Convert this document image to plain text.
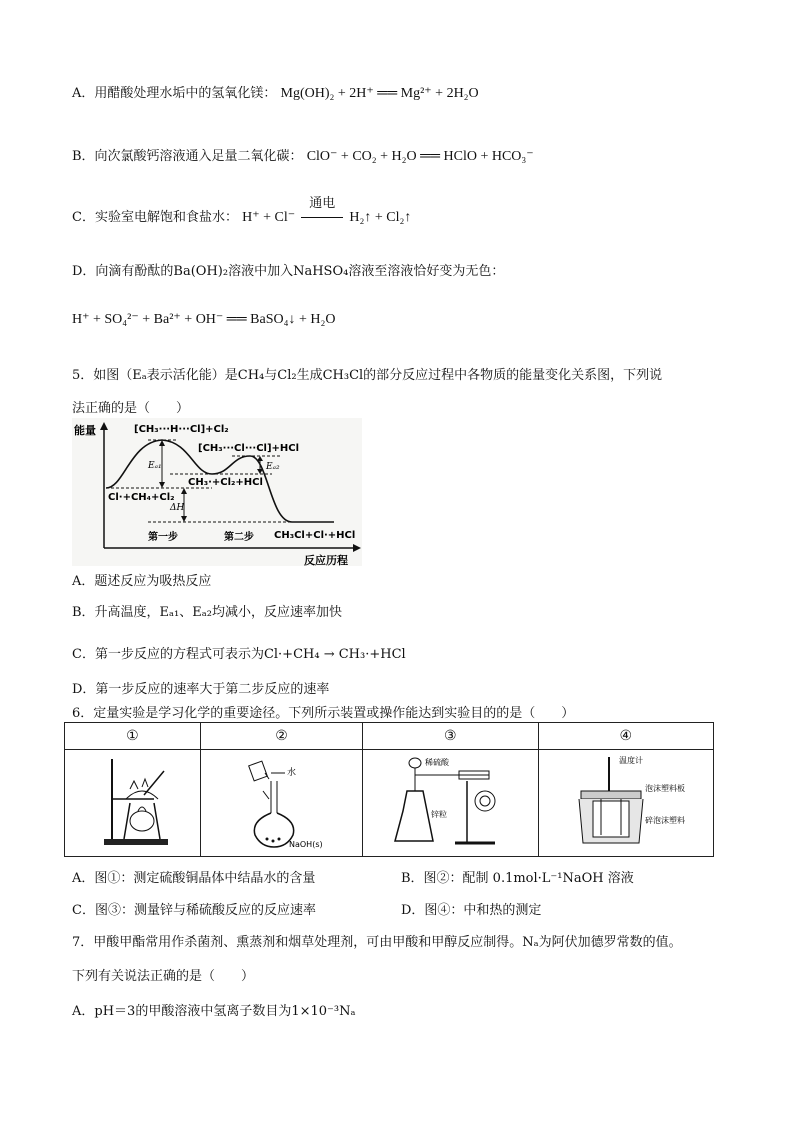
A．用醋酸处理水垢中的氢氧化镁： Mg(OH)₂ + 2H⁺ ══ Mg²⁺ + 2H₂O
B．向次氯酸钙溶液通入足量二氧化碳： ClO⁻ + CO₂ + H₂O ══ HClO + HCO₃⁻
C．实验室电解饱和食盐水： H⁺ + Cl⁻
通电
H₂↑ + Cl₂↑
D．向滴有酚酞的Ba(OH)₂溶液中加入NaHSO₄溶液至溶液恰好变为无色：
H⁺ + SO₄²⁻ + Ba²⁺ + OH⁻ ══ BaSO₄↓ + H₂O
5．如图（Eₐ表示活化能）是CH₄与Cl₂生成CH₃Cl的部分反应过程中各物质的能量变化关系图，下列说
法正确的是（　　）
能量
反应历程
[CH₃···H···Cl]+Cl₂
[CH₃···Cl···Cl]+HCl
CH₃·+Cl₂+HCl
Cl·+CH₄+Cl₂
CH₃Cl+Cl·+HCl
Eₐ₁	Eₐ₂
ΔH
第一步	第二步
A．题述反应为吸热反应
B．升高温度，Eₐ₁、Eₐ₂均减小，反应速率加快
C．第一步反应的方程式可表示为Cl·+CH₄ → CH₃·+HCl
D．第一步反应的速率大于第二步反应的速率
6．定量实验是学习化学的重要途径。下列所示装置或操作能达到实验目的的是（　　）
①	②	③	④

水
NaOH(s)	稀硫酸
锌粒	温度计
泡沫塑料板
碎泡沫塑料
A．图①：测定硫酸铜晶体中结晶水的含量	B．图②：配制 0.1mol·L⁻¹NaOH 溶液
C．图③：测量锌与稀硫酸反应的反应速率	D．图④：中和热的测定
7．甲酸甲酯常用作杀菌剂、熏蒸剂和烟草处理剂，可由甲酸和甲醇反应制得。Nₐ为阿伏加德罗常数的值。
下列有关说法正确的是（　　）
A．pH＝3的甲酸溶液中氢离子数目为1×10⁻³Nₐ
